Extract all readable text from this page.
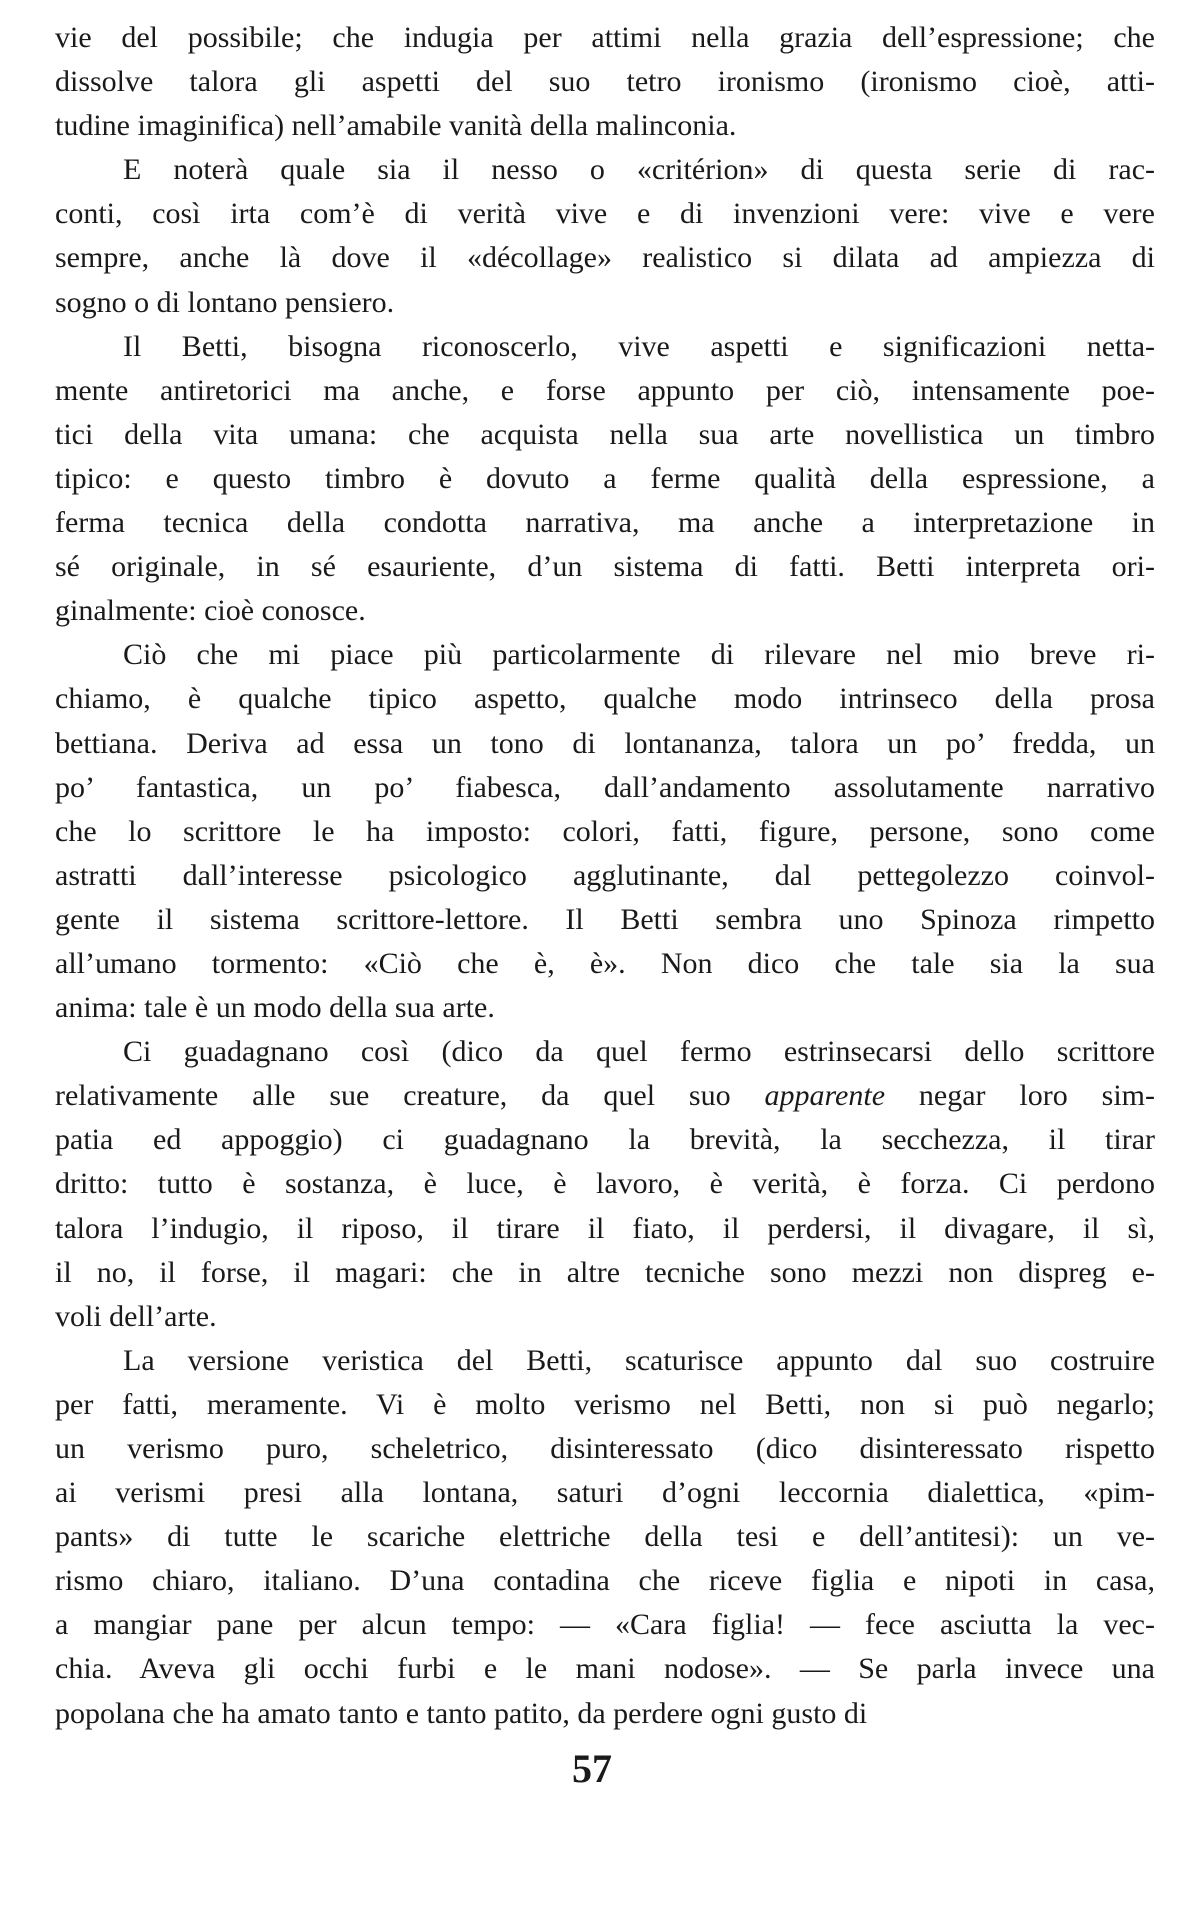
vie del possibile; che indugia per attimi nella grazia dell’espressione; che
dissolve talora gli aspetti del suo tetro ironismo (ironismo cioè, atti-
tudine imaginifica) nell’amabile vanità della malinconia.
E noterà quale sia il nesso o «critérion» di questa serie di rac-
conti, così irta com’è di verità vive e di invenzioni vere: vive e vere
sempre, anche là dove il «décollage» realistico si dilata ad ampiezza di
sogno o di lontano pensiero.
Il Betti, bisogna riconoscerlo, vive aspetti e significazioni netta-
mente antiretorici ma anche, e forse appunto per ciò, intensamente poe-
tici della vita umana: che acquista nella sua arte novellistica un timbro
tipico: e questo timbro è dovuto a ferme qualità della espressione, a
ferma tecnica della condotta narrativa, ma anche a interpretazione in
sé originale, in sé esauriente, d’un sistema di fatti. Betti interpreta ori-
ginalmente: cioè conosce.
Ciò che mi piace più particolarmente di rilevare nel mio breve ri-
chiamo, è qualche tipico aspetto, qualche modo intrinseco della prosa
bettiana. Deriva ad essa un tono di lontananza, talora un po’ fredda, un
po’ fantastica, un po’ fiabesca, dall’andamento assolutamente narrativo
che lo scrittore le ha imposto: colori, fatti, figure, persone, sono come
astratti dall’interesse psicologico agglutinante, dal pettegolezzo coinvol-
gente il sistema scrittore-lettore. Il Betti sembra uno Spinoza rimpetto
all’umano tormento: «Ciò che è, è». Non dico che tale sia la sua
anima: tale è un modo della sua arte.
Ci guadagnano così (dico da quel fermo estrinsecarsi dello scrittore
relativamente alle sue creature, da quel suo apparente negar loro sim-
patia ed appoggio) ci guadagnano la brevità, la secchezza, il tirar
dritto: tutto è sostanza, è luce, è lavoro, è verità, è forza. Ci perdono
talora l’indugio, il riposo, il tirare il fiato, il perdersi, il divagare, il sì,
il no, il forse, il magari: che in altre tecniche sono mezzi non dispreg e-
voli dell’arte.
La versione veristica del Betti, scaturisce appunto dal suo costruire
per fatti, meramente. Vi è molto verismo nel Betti, non si può negarlo;
un verismo puro, scheletrico, disinteressato (dico disinteressato rispetto
ai verismi presi alla lontana, saturi d’ogni leccornia dialettica, «pim-
pants» di tutte le scariche elettriche della tesi e dell’antitesi): un ve-
rismo chiaro, italiano. D’una contadina che riceve figlia e nipoti in casa,
a mangiar pane per alcun tempo: — «Cara figlia! — fece asciutta la vec-
chia. Aveva gli occhi furbi e le mani nodose». — Se parla invece una
popolana che ha amato tanto e tanto patito, da perdere ogni gusto di
57
